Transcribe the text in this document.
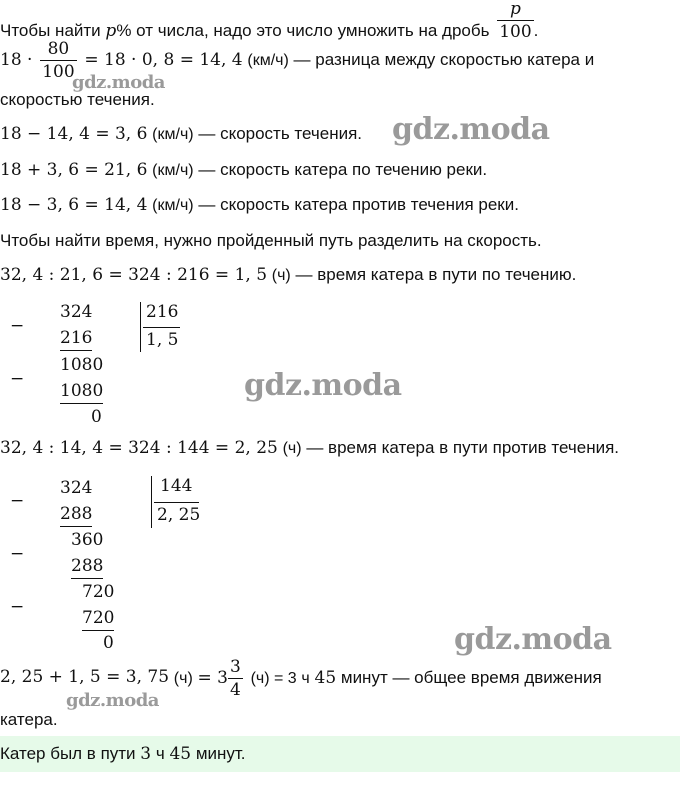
Чтобы найти p% от числа, надо это число умножить на дробь $\frac{p}{100}$ .
$18 \cdot \frac{80}{100} = 18 \cdot 0$, 8 = 14, 4 (км/ч) — разница между скоростью катера и
скоростью течения.
18 − 14, 4 = 3, 6 (км/ч) — скорость течения.
18 + 3, 6 = 21, 6 (км/ч) — скорость катера по течению реки.
18 − 3, 6 = 14, 4 (км/ч) — скорость катера против течения реки.
Чтобы найти время, нужно пройденный путь разделить на скорость.
32, 4 : 21, 6 = 324 : 216 = 1, 5 (ч) — время катера в пути по течению.
−
−
324
216
1080
1080
0
216
1, 5
32, 4 : 14, 4 = 324 : 144 = 2, 25 (ч) — время катера в пути против течения.
−
−
−
324
288
360
288
720
720
0
144
2, 25
2, 25 + 1, 5 = 3, 75 $(ч) = 3 \frac{3}{4} (ч) = 3$ ч 45 минут — общее время движения
катера.
Катер был в пути 3 ч 45 минут.
gdz.moda
gdz.moda
gdz.moda
gdz.moda
gdz.moda
